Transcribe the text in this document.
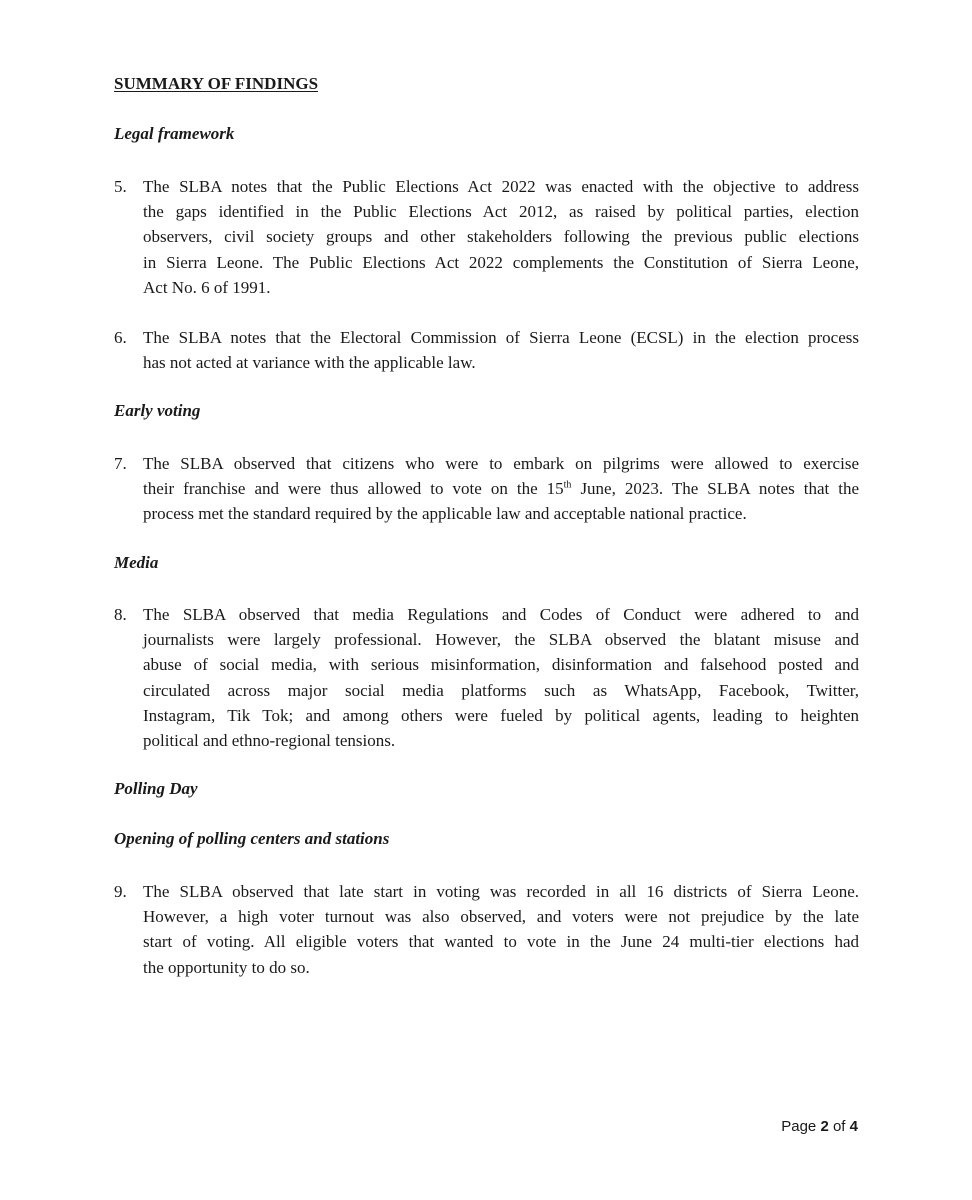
SUMMARY OF FINDINGS
Legal framework
5. The SLBA notes that the Public Elections Act 2022 was enacted with the objective to address
the gaps identified in the Public Elections Act 2012, as raised by political parties, election
observers, civil society groups and other stakeholders following the previous public elections
in Sierra Leone. The Public Elections Act 2022 complements the Constitution of Sierra Leone,
Act No. 6 of 1991.
6. The SLBA notes that the Electoral Commission of Sierra Leone (ECSL) in the election process
has not acted at variance with the applicable law.
Early voting
7. The SLBA observed that citizens who were to embark on pilgrims were allowed to exercise
their franchise and were thus allowed to vote on the 15th June, 2023. The SLBA notes that the
process met the standard required by the applicable law and acceptable national practice.
Media
8. The SLBA observed that media Regulations and Codes of Conduct were adhered to and
journalists were largely professional. However, the SLBA observed the blatant misuse and
abuse of social media, with serious misinformation, disinformation and falsehood posted and
circulated across major social media platforms such as WhatsApp, Facebook, Twitter,
Instagram, Tik Tok; and among others were fueled by political agents, leading to heighten
political and ethno-regional tensions.
Polling Day
Opening of polling centers and stations
9. The SLBA observed that late start in voting was recorded in all 16 districts of Sierra Leone.
However, a high voter turnout was also observed, and voters were not prejudice by the late
start of voting. All eligible voters that wanted to vote in the June 24 multi-tier elections had
the opportunity to do so.
Page 2 of 4
